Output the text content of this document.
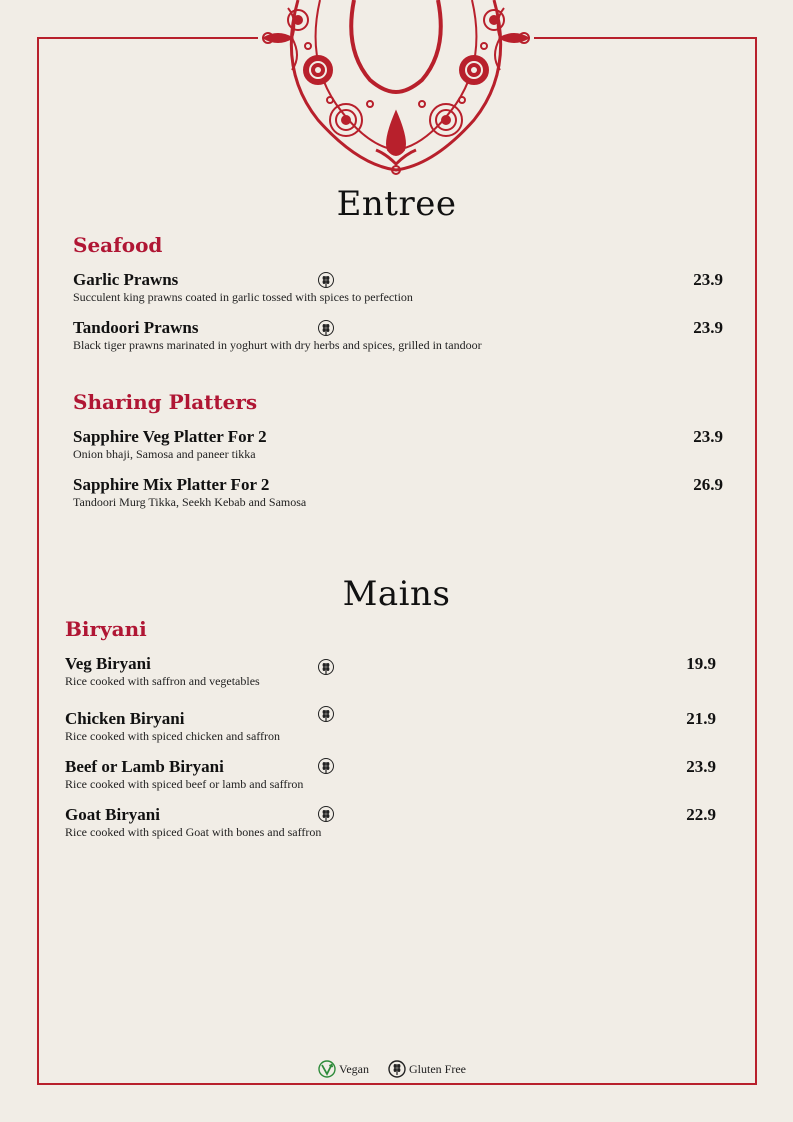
Entree
Seafood
Garlic Prawns
Succulent king prawns coated in garlic tossed with spices to perfection
Tandoori Prawns
Black tiger prawns marinated in yoghurt with dry herbs and spices, grilled in tandoor
Sharing Platters
Sapphire Veg Platter For 2
Onion bhaji, Samosa and paneer tikka
Sapphire Mix Platter For 2
Tandoori Murg Tikka, Seekh Kebab and Samosa
23.9
23.9
23.9
26.9
Mains
Biryani
Veg Biryani
Rice cooked with saffron and vegetables
Chicken Biryani
Rice cooked with spiced chicken and saffron
Beef or Lamb Biryani
Rice cooked with spiced beef or lamb and saffron
Goat Biryani
Rice cooked with spiced Goat with bones and saffron
19.9
21.9
23.9
22.9
Vegan	Gluten Free
